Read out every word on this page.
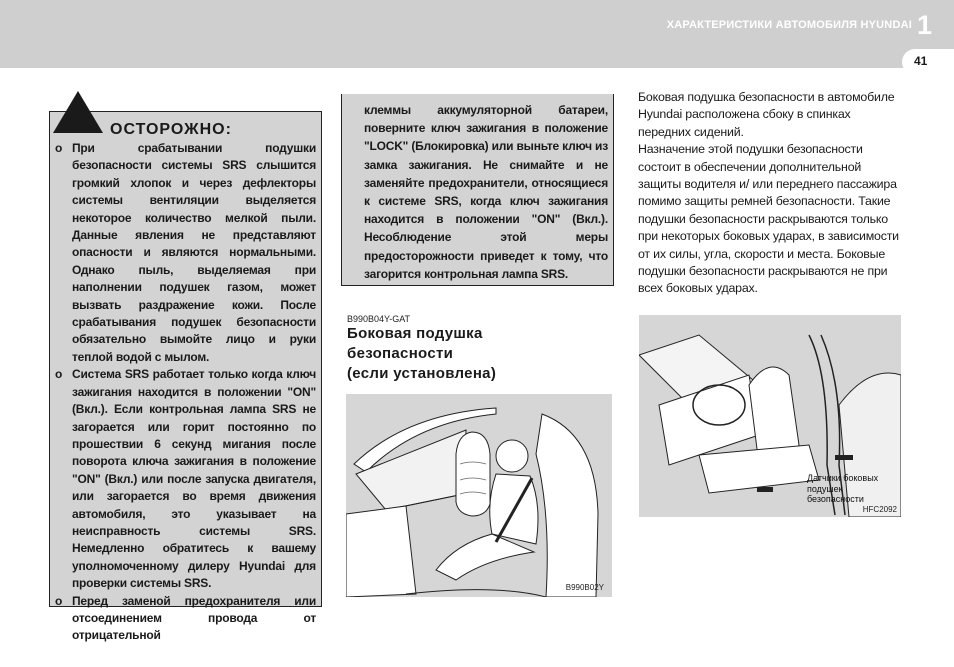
ХАРАКТЕРИСТИКИ АВТОМОБИЛЯ HYUNDAI 1
41
ОСТОРОЖНО:
o При срабатывании подушки безопасности системы SRS слышится громкий хлопок и через дефлекторы системы вентиляции выделяется некоторое количество мелкой пыли. Данные явления не представляют опасности и являются нормальными. Однако пыль, выделяемая при наполнении подушек газом, может вызвать раздражение кожи. После срабатывания подушек безопасности обязательно вымойте лицо и руки теплой водой с мылом.
o Система SRS работает только когда ключ зажигания находится в положении "ON" (Вкл.). Если контрольная лампа SRS не загорается или горит постоянно по прошествии 6 секунд мигания после поворота ключа зажигания в положение "ON" (Вкл.) или после запуска двигателя, или загорается во время движения автомобиля, это указывает на неисправность системы SRS. Немедленно обратитесь к вашему уполномоченному дилеру Hyundai для проверки системы SRS.
o Перед заменой предохранителя или отсоединением провода от отрицательной

клеммы аккумуляторной батареи, поверните ключ зажигания в положение "LOCK" (Блокировка) или выньте ключ из замка зажигания. Не снимайте и не заменяйте предохранители, относящиеся к системе SRS, когда ключ зажигания находится в положении "ON" (Вкл.). Несоблюдение этой меры предосторожности приведет к тому, что загорится контрольная лампа SRS.

B990B04Y-GAT
Боковая подушка
безопасности
(если установлена)
B990B02Y
Боковая подушка безопасности в автомобиле Hyundai расположена сбоку в спинках передних сидений.
Назначение этой подушки безопасности состоит в обеспечении дополнительной защиты водителя и/ или переднего пассажира помимо защиты ремней безопасности. Такие подушки безопасности раскрываются только при некоторых боковых ударах, в зависимости от их силы, угла, скорости и места. Боковые подушки безопасности раскрываются не при всех боковых ударах.
HFC2092
Датчики боковых
подушек
безопасности
